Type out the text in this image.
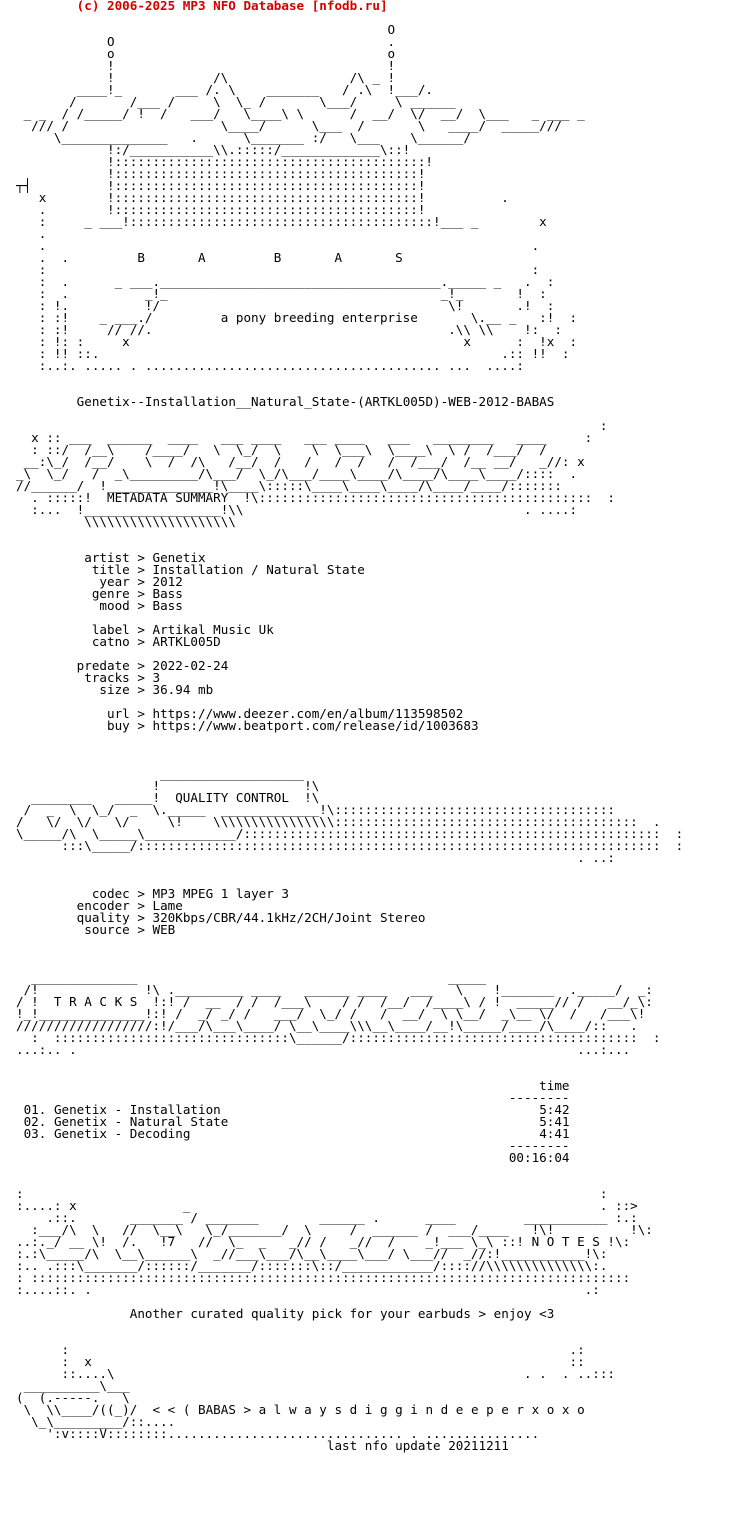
(c) 2006-2025 MP3 NFO Database [nfodb.ru]

O
O                                    .
o                                    o
!                                    !
!             /\                /\ _ !
____!_       ___ /. \    _______   / .\  !___/.
/       /___ /     \  \_ /       \___/     \ ______
_ _  / /_____/ !  /   ___/   \____\ \      /  __/  \/  __/  \___   _ ___ _
/// /                    \____/      \___  /       \   ____/  _____///
\______________   .      \_______ :/   \___    \______/
!:/___________\\.:::::/_____________\::!
!:::::::::::::::::::::::::::::::::::::::::!
!::::::::::::::::::::::::::::::::::::::::!
┬┤          !::::::::::::::::::::::::::::::::::::::::!
x        !::::::::::::::::::::::::::::::::::::::::!          .
.        !::::::::::::::::::::::::::::::::::::::::!
:     _ ___!::::::::::::::::::::::::::::::::::::::::!___ _        x
.
.                                                                .
.  .         B       A         B       A       S
:                                                                :
:  .      _ ___._____________________________________._____ _   .  :
:  .          _!_                                    _!_       !  :
: !.          !/                                      \!       .!  :
: :!    _ ___./         a pony breeding enterprise       \.__ _   :!  :
: :!     // //.                                       .\\ \\    !:  :
: !: :     x                                            x      :  !x  :
: !! ::.                                                     .:: !!  :
:..:. ..... . ....................................... ...  ....:

Genetix--Installation__Natural_State-(ARTKL005D)-WEB-2012-BABAS

:
x :: ___  ______  ____   ___ ____   ___ ____   ___   ________   ____     :
: ::/  /__\    /____/   \  \_/  \    \  \___\  \____\  \ /  /___/  /
__:\_/  /__/    \  /  /\   /__/  /   /   /  /   /  /___/  /__ __/   _//: x
_\  \_/   /  _\_________/\___/  \_/\___/____\____/\____/\____\____/::::  .
//______/  !______________!\____\:::::\____\____\____/\____/____/:::::::
. :::::!  METADATA SUMMARY  !\::::::::::::::::::::::::::::::::::::::::::::  :
:...  !__________________!\\                                     . ....:
\\\\\\\\\\\\\\\\\\\\

artist > Genetix
title > Installation / Natural State
year > 2012
genre > Bass
mood > Bass

label > Artikal Music Uk
catno > ARTKL005D

predate > 2022-02-24
tracks > 3
size > 36.94 mb

url > https://www.deezer.com/en/album/113598502
buy > https://www.beatport.com/release/id/1003683

___________________
!                   !\
________   _____!  QUALITY CONTROL  !\
/  _  \  \_/  _  \._____  _____________!\:::::::::::::::::::::::::::::::::::::
/   \/  \/   \/     \!    \\\\\\\\\\\\\\\\::::::::::::::::::::::::::::::::::::::::  .
\_____/\  \_____\____________/:::::::::::::::::::::::::::::::::::::::::::::::::::::::  :
:::\_____/:::::::::::::::::::::::::::::::::::::::::::::::::::::::::::::::::::::  :
. ..:

codec > MP3 MPEG 1 layer 3
encoder > Lame
quality > 320Kbps/CBR/44.1kHz/2CH/Joint Stereo
source > WEB

______________                                         _____
/!              !\ ._________ ____   ______ ____   ___   \    !_______  ._____/  _:
/ !  T R A C K S  !:! /  __  / /  /___\    / /  /__/  /____\ / !  _____// /   __/_\:
!_!______________!:! /  _/ _/ /   ___/  \_/ /   /  __/  \ \__/  _\__ \/  /   /___\!
//////////////////:!/___/\___\____/ \__\____\\\__\____/__!\_____/____/\____/::   .
:  :::::::::::::::::::::::::::::::\______/::::::::::::::::::::::::::::::::::::::  :
...:.. .                                                                  ...:...

time
--------
01. Genetix - Installation	5:42
02. Genetix - Natural State	5:41
03. Genetix - Decoding	4:41
--------
00:16:04

:                                                                            :
:....: x              _                                                      . ::>
.::.       _______ / _______        ______ .      ____         ___________ :.:
:___/\  \   //  \__\   \_/_______/  \     /  ______ /  ___/____   !\!          !\:
..:._/ __ \!  /.   !7   //  \_  _   _// /   _//  /    _!___ \_\ ::! N O T E S !\:
:.:\_____/\  \__\______\  _//___\___/\__\____\___/ \___//  _//:!___________!\:
:.. .:::\_______/::::::/_______/:::::::\::/____________/:::://\\\\\\\\\\\\\\:.
: :::::::::::::::::::::::::::::::::::::::::::::::::::::::::::::::::::::::::::::::
:....::. .                                                                 .:

Another curated quality pick for your earbuds > enjoy <3

:                                                                  .:
:  x                                                               ::
::....\                                                      . .  . ..:::
__________\___
(  (.-----.   \
\  \\____/((_)/  < < ( BABAS > a l w a y s d i g g i n d e e p e r x o x o
\_\_________/::....
':v::::V::::::::............................... . ...............
last nfo update 20211211
